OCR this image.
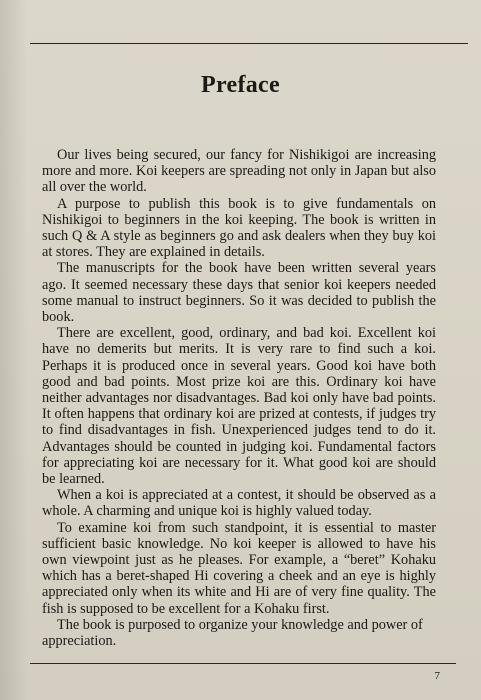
Preface

Our lives being secured, our fancy for Nishikigoi are increasing more and more. Koi keepers are spreading not only in Japan but also all over the world.

A purpose to publish this book is to give fundamentals on Nishikigoi to beginners in the koi keeping. The book is written in such Q & A style as beginners go and ask dealers when they buy koi at stores. They are explained in details.

The manuscripts for the book have been written several years ago. It seemed necessary these days that senior koi keepers needed some manual to instruct beginners. So it was decided to publish the book.

There are excellent, good, ordinary, and bad koi. Excellent koi have no demerits but merits. It is very rare to find such a koi. Perhaps it is produced once in several years. Good koi have both good and bad points. Most prize koi are this. Ordinary koi have neither advantages nor disadvantages. Bad koi only have bad points. It often happens that ordinary koi are prized at contests, if judges try to find disadvantages in fish. Unexperienced judges tend to do it. Advantages should be counted in judging koi. Fundamental factors for appreciating koi are necessary for it. What good koi are should be learned.

When a koi is appreciated at a contest, it should be observed as a whole. A charming and unique koi is highly valued today.

To examine koi from such standpoint, it is essential to master sufficient basic knowledge. No koi keeper is allowed to have his own viewpoint just as he pleases. For example, a “beret” Kohaku which has a beret-shaped Hi covering a cheek and an eye is highly appreciated only when its white and Hi are of very fine quality. The fish is supposed to be excellent for a Kohaku first.

The book is purposed to organize your knowledge and power of appreciation.

7
